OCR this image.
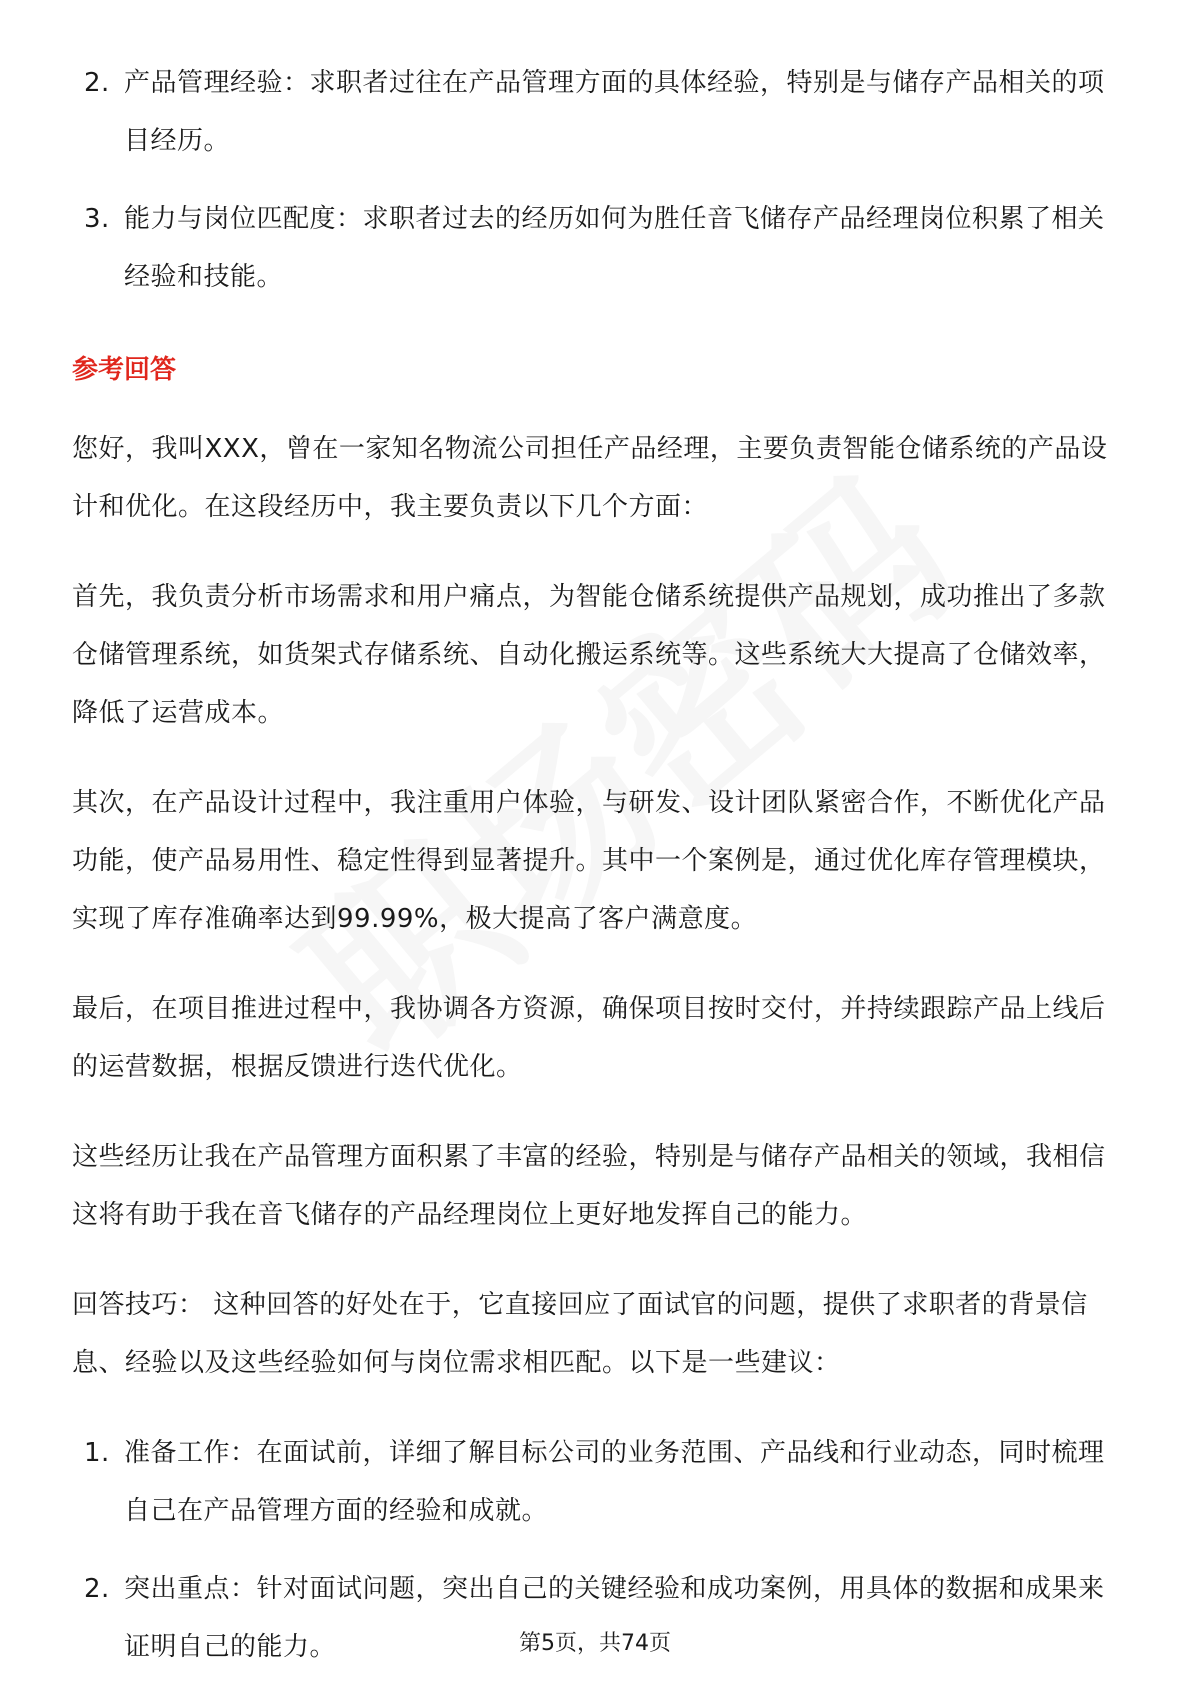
2. 产品管理经验：求职者过往在产品管理方面的具体经验，特别是与储存产品相关的项目经历。
3. 能力与岗位匹配度：求职者过去的经历如何为胜任音飞储存产品经理岗位积累了相关经验和技能。
参考回答

您好，我叫XXX，曾在一家知名物流公司担任产品经理，主要负责智能仓储系统的产品设计和优化。在这段经历中，我主要负责以下几个方面：

首先，我负责分析市场需求和用户痛点，为智能仓储系统提供产品规划，成功推出了多款仓储管理系统，如货架式存储系统、自动化搬运系统等。这些系统大大提高了仓储效率，降低了运营成本。

其次，在产品设计过程中，我注重用户体验，与研发、设计团队紧密合作，不断优化产品功能，使产品易用性、稳定性得到显著提升。其中一个案例是，通过优化库存管理模块，实现了库存准确率达到99.99%，极大提高了客户满意度。

最后，在项目推进过程中，我协调各方资源，确保项目按时交付，并持续跟踪产品上线后的运营数据，根据反馈进行迭代优化。

这些经历让我在产品管理方面积累了丰富的经验，特别是与储存产品相关的领域，我相信这将有助于我在音飞储存的产品经理岗位上更好地发挥自己的能力。

回答技巧： 这种回答的好处在于，它直接回应了面试官的问题，提供了求职者的背景信息、经验以及这些经验如何与岗位需求相匹配。以下是一些建议：

1. 准备工作：在面试前，详细了解目标公司的业务范围、产品线和行业动态，同时梳理自己在产品管理方面的经验和成就。
2. 突出重点：针对面试问题，突出自己的关键经验和成功案例，用具体的数据和成果来证明自己的能力。	第5页，共74页
